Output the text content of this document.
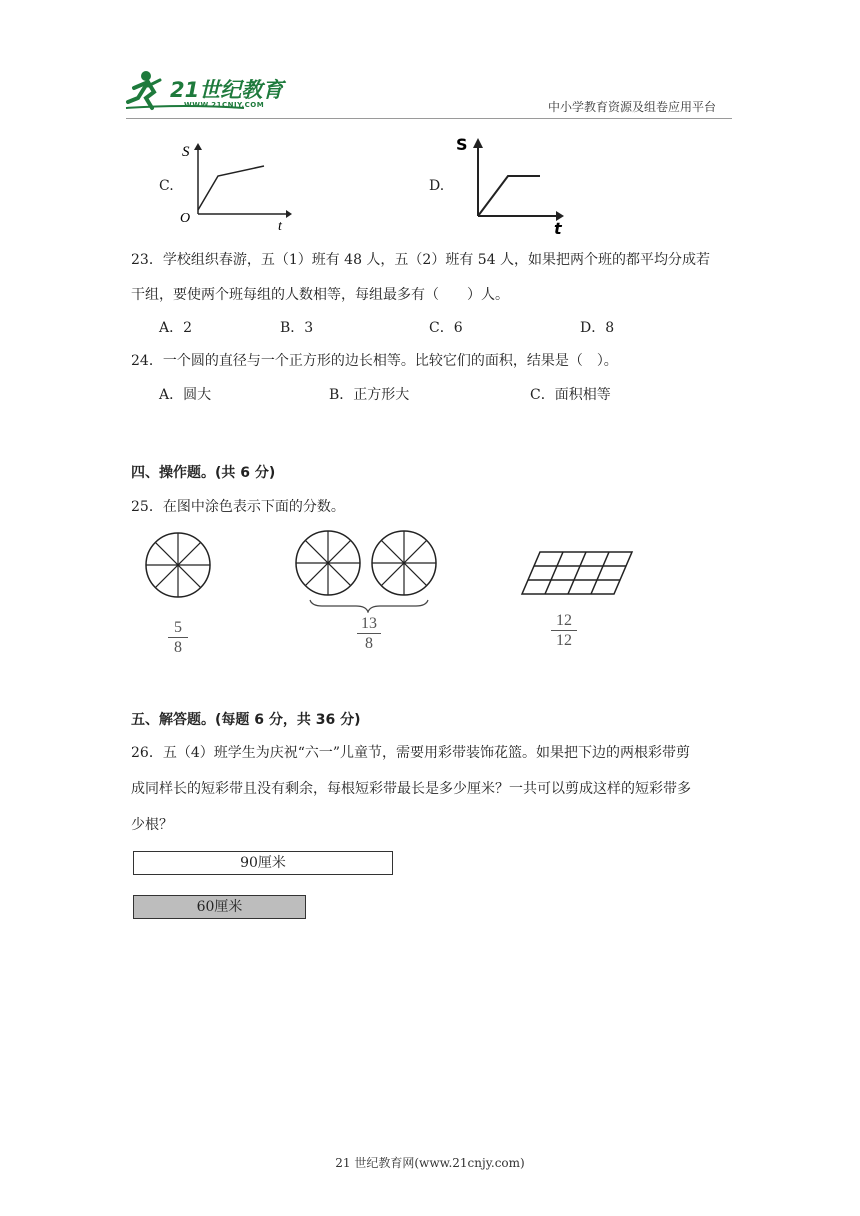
21世纪教育
WWW.21CNJY.COM	中小学教育资源及组卷应用平台
C.
S
O
t
D.
S
t
23．学校组织春游，五（1）班有 48 人，五（2）班有 54 人，如果把两个班的都平均分成若
干组，要使两个班每组的人数相等，每组最多有（　　）人。
A．2	B．3	C．6	D．8
24．一个圆的直径与一个正方形的边长相等。比较它们的面积，结果是（　）。
A．圆大	B．正方形大	C．面积相等
四、操作题。(共 6 分)
25．在图中涂色表示下面的分数。
5
8
13
8
12
12
五、解答题。(每题 6 分，共 36 分)
26．五（4）班学生为庆祝“六一”儿童节，需要用彩带装饰花篮。如果把下边的两根彩带剪
成同样长的短彩带且没有剩余，每根短彩带最长是多少厘米？一共可以剪成这样的短彩带多
少根？
90厘米
60厘米
21 世纪教育网(www.21cnjy.com)
